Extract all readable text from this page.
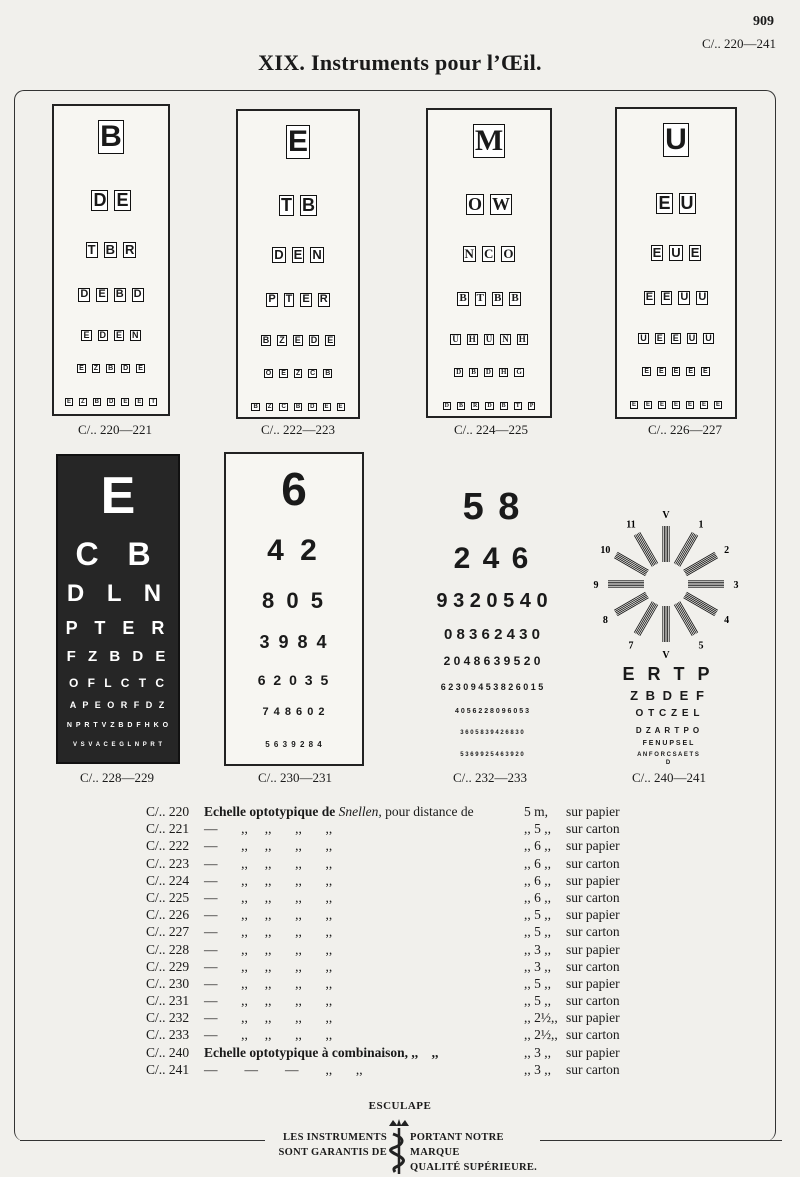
909
C/.. 220—241
XIX. Instruments pour l’Œil.
B
D E
T B R
D E B D
E D E N
E Z B D E
E Z B D E E T
C/.. 220—221
E
T B
D E N
P T E R
B Z E D E
O E Z C B
B Z C B D E E
C/.. 222—223
M
O W
N C O
B T B B
U H U N H
D B D H G
D B R D B T P
C/.. 224—225
U
E U
E U E
E E U U
U E E U U
E E E E E
E E E E E E E
C/.. 226—227
E
C B
D L N
P T E R
F Z B D E
O F L C T C
A P E O R F D Z
N P R T V Z B D F H K O
V S V A C E G L N P R T
C/.. 228—229
6
4 2
8 0 5
3 9 8 4
6 2 0 3 5
7 4 8 6 0 2
5 6 3 9 2 8 4
C/.. 230—231
5 8
2 4 6
9 3 2 0 5 4 0
0 8 3 6 2 4 3 0
2 0 4 8 6 3 9 5 2 0
6 2 3 0 9 4 5 3 8 2 6 0 1 5
4 0 5 6 2 2 8 0 9 6 0 5 3
3 6 0 5 8 3 9 4 2 6 8 3 0
5 3 6 9 9 2 5 4 6 3 9 2 0
C/.. 232—233
V
1
2
3
4
5
V
7
8
9
10
11
E R T P
Z B D E F
O T C Z E L
D Z A R T P O
F E N U P S E L
A N F O R C S A E T S
D
C/.. 240—241
C/.. 220 Echelle optotypique de Snellen, pour distance de	5 m, sur papier
C/.. 221 —       ,,     ,,       ,,       ,,	,, 5 ,, sur carton
C/.. 222 —       ,,     ,,       ,,       ,,	,, 6 ,, sur papier
C/.. 223 —       ,,     ,,       ,,       ,,	,, 6 ,, sur carton
C/.. 224 —       ,,     ,,       ,,       ,,	,, 6 ,, sur papier
C/.. 225 —       ,,     ,,       ,,       ,,	,, 6 ,, sur carton
C/.. 226 —       ,,     ,,       ,,       ,,	,, 5 ,, sur papier
C/.. 227 —       ,,     ,,       ,,       ,,	,, 5 ,, sur carton
C/.. 228 —       ,,     ,,       ,,       ,,	,, 3 ,, sur papier
C/.. 229 —       ,,     ,,       ,,       ,,	,, 3 ,, sur carton
C/.. 230 —       ,,     ,,       ,,       ,,	,, 5 ,, sur papier
C/.. 231 —       ,,     ,,       ,,       ,,	,, 5 ,, sur carton
C/.. 232 —       ,,     ,,       ,,       ,,	,, 2½,, sur papier
C/.. 233 —       ,,     ,,       ,,       ,,	,, 2½,, sur carton
C/.. 240 Echelle optotypique à combinaison, ,,    ,,	,, 3 ,, sur papier
C/.. 241 —        —        —        ,,       ,,	,, 3 ,, sur carton
ESCULAPE
LES INSTRUMENTS
SONT GARANTIS DE
PORTANT NOTRE MARQUE
QUALITÉ SUPÉRIEURE.
